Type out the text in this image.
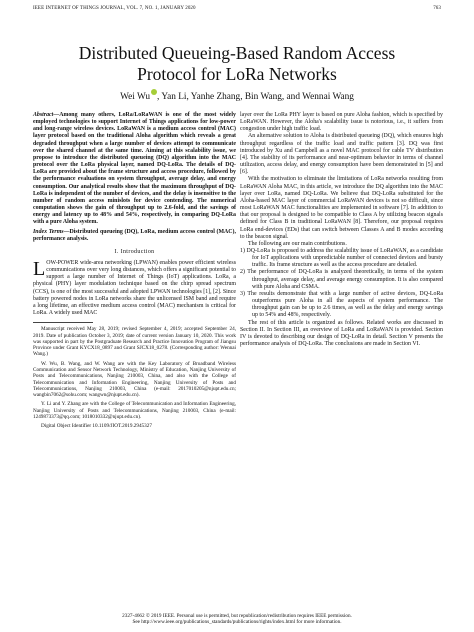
IEEE INTERNET OF THINGS JOURNAL, VOL. 7, NO. 1, JANUARY 2020	763
Distributed Queueing-Based Random Access
Protocol for LoRa Networks
Wei Wu , Yan Li, Yanhe Zhang, Bin Wang, and Wennai Wang

Abstract—Among many others, LoRa/LoRaWAN is one of the most widely employed technologies to support Internet of Things applications for low-power and long-range wireless devices. LoRaWAN is a medium access control (MAC) layer protocol based on the traditional Aloha algorithm which reveals a great degraded throughput when a large number of devices attempt to communicate over the shared channel at the same time. Aiming at this scalability issue, we propose to introduce the distributed queueing (DQ) algorithm into the MAC protocol over the LoRa physical layer, named DQ-LoRa. The details of DQ-LoRa are provided about the frame structure and access procedure, followed by the performance evaluations on system throughput, average delay, and energy consumption. Our analytical results show that the maximum throughput of DQ-LoRa is independent of the number of devices, and the delay is insensitive to the number of random access minislots for device contending. The numerical computation shows the gain of throughput up to 2.6-fold, and the savings of energy and latency up to 48% and 54%, respectively, in comparing DQ-LoRa with a pure Aloha system.

Index Terms—Distributed queueing (DQ), LoRa, medium access control (MAC), performance analysis.

I. Introduction

LOW-POWER wide-area networking (LPWAN) enables power efficient wireless communications over very long distances, which offers a significant potential to support a large number of Internet of Things (IoT) applications. LoRa, a physical (PHY) layer modulation technique based on the chirp spread spectrum (CCS), is one of the most successful and adopted LPWAN technologies [1], [2]. Since battery powered nodes in LoRa networks share the unlicensed ISM band and require a long lifetime, an effective medium access control (MAC) mechanism is critical for LoRa. A widely used MAC

Manuscript received May 28, 2019; revised September 4, 2019; accepted September 24, 2019. Date of publication October 3, 2019; date of current version January 10, 2020. This work was supported in part by the Postgraduate Research and Practice Innovation Program of Jiangsu Province under Grant KYCX18_0897 and Grant SJCX18_0278. (Corresponding author: Wennai Wang.)

W. Wu, B. Wang, and W. Wang are with the Key Laboratory of Broadband Wireless Communication and Sensor Network Technology, Ministry of Education, Nanjing University of Posts and Telecommunications, Nanjing 210003, China, and also with the College of Telecommunication and Information Engineering, Nanjing University of Posts and Telecommunications, Nanjing 210003, China (e-mail: 2017010205@njupt.edu.cn; wangbin7062@sohu.com; wangwn@njupt.edu.cn).

Y. Li and Y. Zhang are with the College of Telecommunication and Information Engineering, Nanjing University of Posts and Telecommunications, Nanjing 210003, China (e-mail: 1249873373@qq.com; 1018010332@njupt.edu.cn).

Digital Object Identifier 10.1109/JIOT.2019.2945327

layer over the LoRa PHY layer is based on pure Aloha fashion, which is specified by LoRaWAN. However, the Aloha's scalability issue is notorious, i.e., it suffers from congestion under high traffic load.

An alternative solution to Aloha is distributed queueing (DQ), which ensures high throughput regardless of the traffic load and traffic pattern [3]. DQ was first introduced by Xu and Campbell as a novel MAC protocol for cable TV distribution [4]. The stability of its performance and near-optimum behavior in terms of channel utilization, access delay, and energy consumption have been demonstrated in [5] and [6].

With the motivation to eliminate the limitations of LoRa networks resulting from LoRaWAN Aloha MAC, in this article, we introduce the DQ algorithm into the MAC layer over LoRa, named DQ-LoRa. We believe that DQ-LoRa substituted for the Aloha-based MAC layer of commercial LoRaWAN devices is not so difficult, since most LoRaWAN MAC functionalities are implemented in software [7]. In addition to that our proposal is designed to be compatible to Class A by utilizing beacon signals defined for Class B in traditional LoRaWAN [8]. Therefore, our proposal requires LoRa end-devices (EDs) that can switch between Classes A and B modes according to the beacon signal.

The following are our main contributions.

1) DQ-LoRa is proposed to address the scalability issue of LoRaWAN, as a candidate for IoT applications with unpredictable number of connected devices and bursty traffic. Its frame structure as well as the access procedure are detailed.

2) The performance of DQ-LoRa is analyzed theoretically, in terms of the system throughput, average delay, and average energy consumption. It is also compared with pure Aloha and CSMA.

3) The results demonstrate that with a large number of active devices, DQ-LoRa outperforms pure Aloha in all the aspects of system performance. The throughput gain can be up to 2.6 times, as well as the delay and energy savings up to 54% and 48%, respectively.

The rest of this article is organized as follows. Related works are discussed in Section II. In Section III, an overview of LoRa and LoRaWAN is provided. Section IV is devoted to describing our design of DQ-LoRa in detail. Section V presents the performance analysis of DQ-LoRa. The conclusions are made in Section VI.

2327-4662 © 2019 IEEE. Personal use is permitted, but republication/redistribution requires IEEE permission.
See http://www.ieee.org/publications_standards/publications/rights/index.html for more information.
